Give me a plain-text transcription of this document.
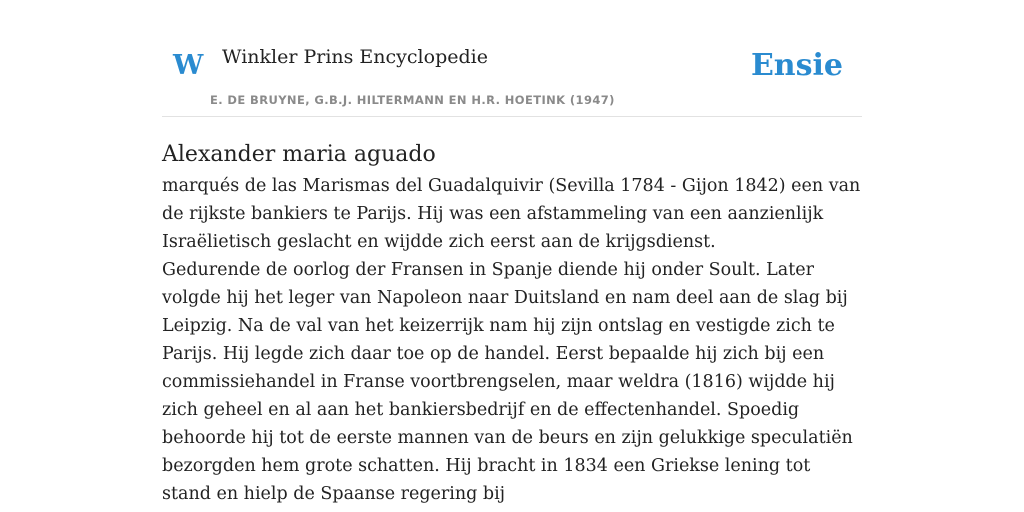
W Winkler Prins Encyclopedie
E. DE BRUYNE, G.B.J. HILTERMANN EN H.R. HOETINK (1947)
Ensie
Alexander maria aguado

marqués de las Marismas del Guadalquivir (Sevilla 1784 - Gijon 1842) een van de rijkste bankiers te Parijs. Hij was een afstammeling van een aanzienlijk Israëlietisch geslacht en wijdde zich eerst aan de krijgsdienst.

Gedurende de oorlog der Fransen in Spanje diende hij onder Soult. Later volgde hij het leger van Napoleon naar Duitsland en nam deel aan de slag bij Leipzig. Na de val van het keizerrijk nam hij zijn ontslag en vestigde zich te Parijs. Hij legde zich daar toe op de handel. Eerst bepaalde hij zich bij een commissiehandel in Franse voortbrengselen, maar weldra (1816) wijdde hij zich geheel en al aan het bankiersbedrijf en de effectenhandel. Spoedig behoorde hij tot de eerste mannen van de beurs en zijn gelukkige speculatiën bezorgden hem grote schatten. Hij bracht in 1834 een Griekse lening tot stand en hielp de Spaanse regering bij
